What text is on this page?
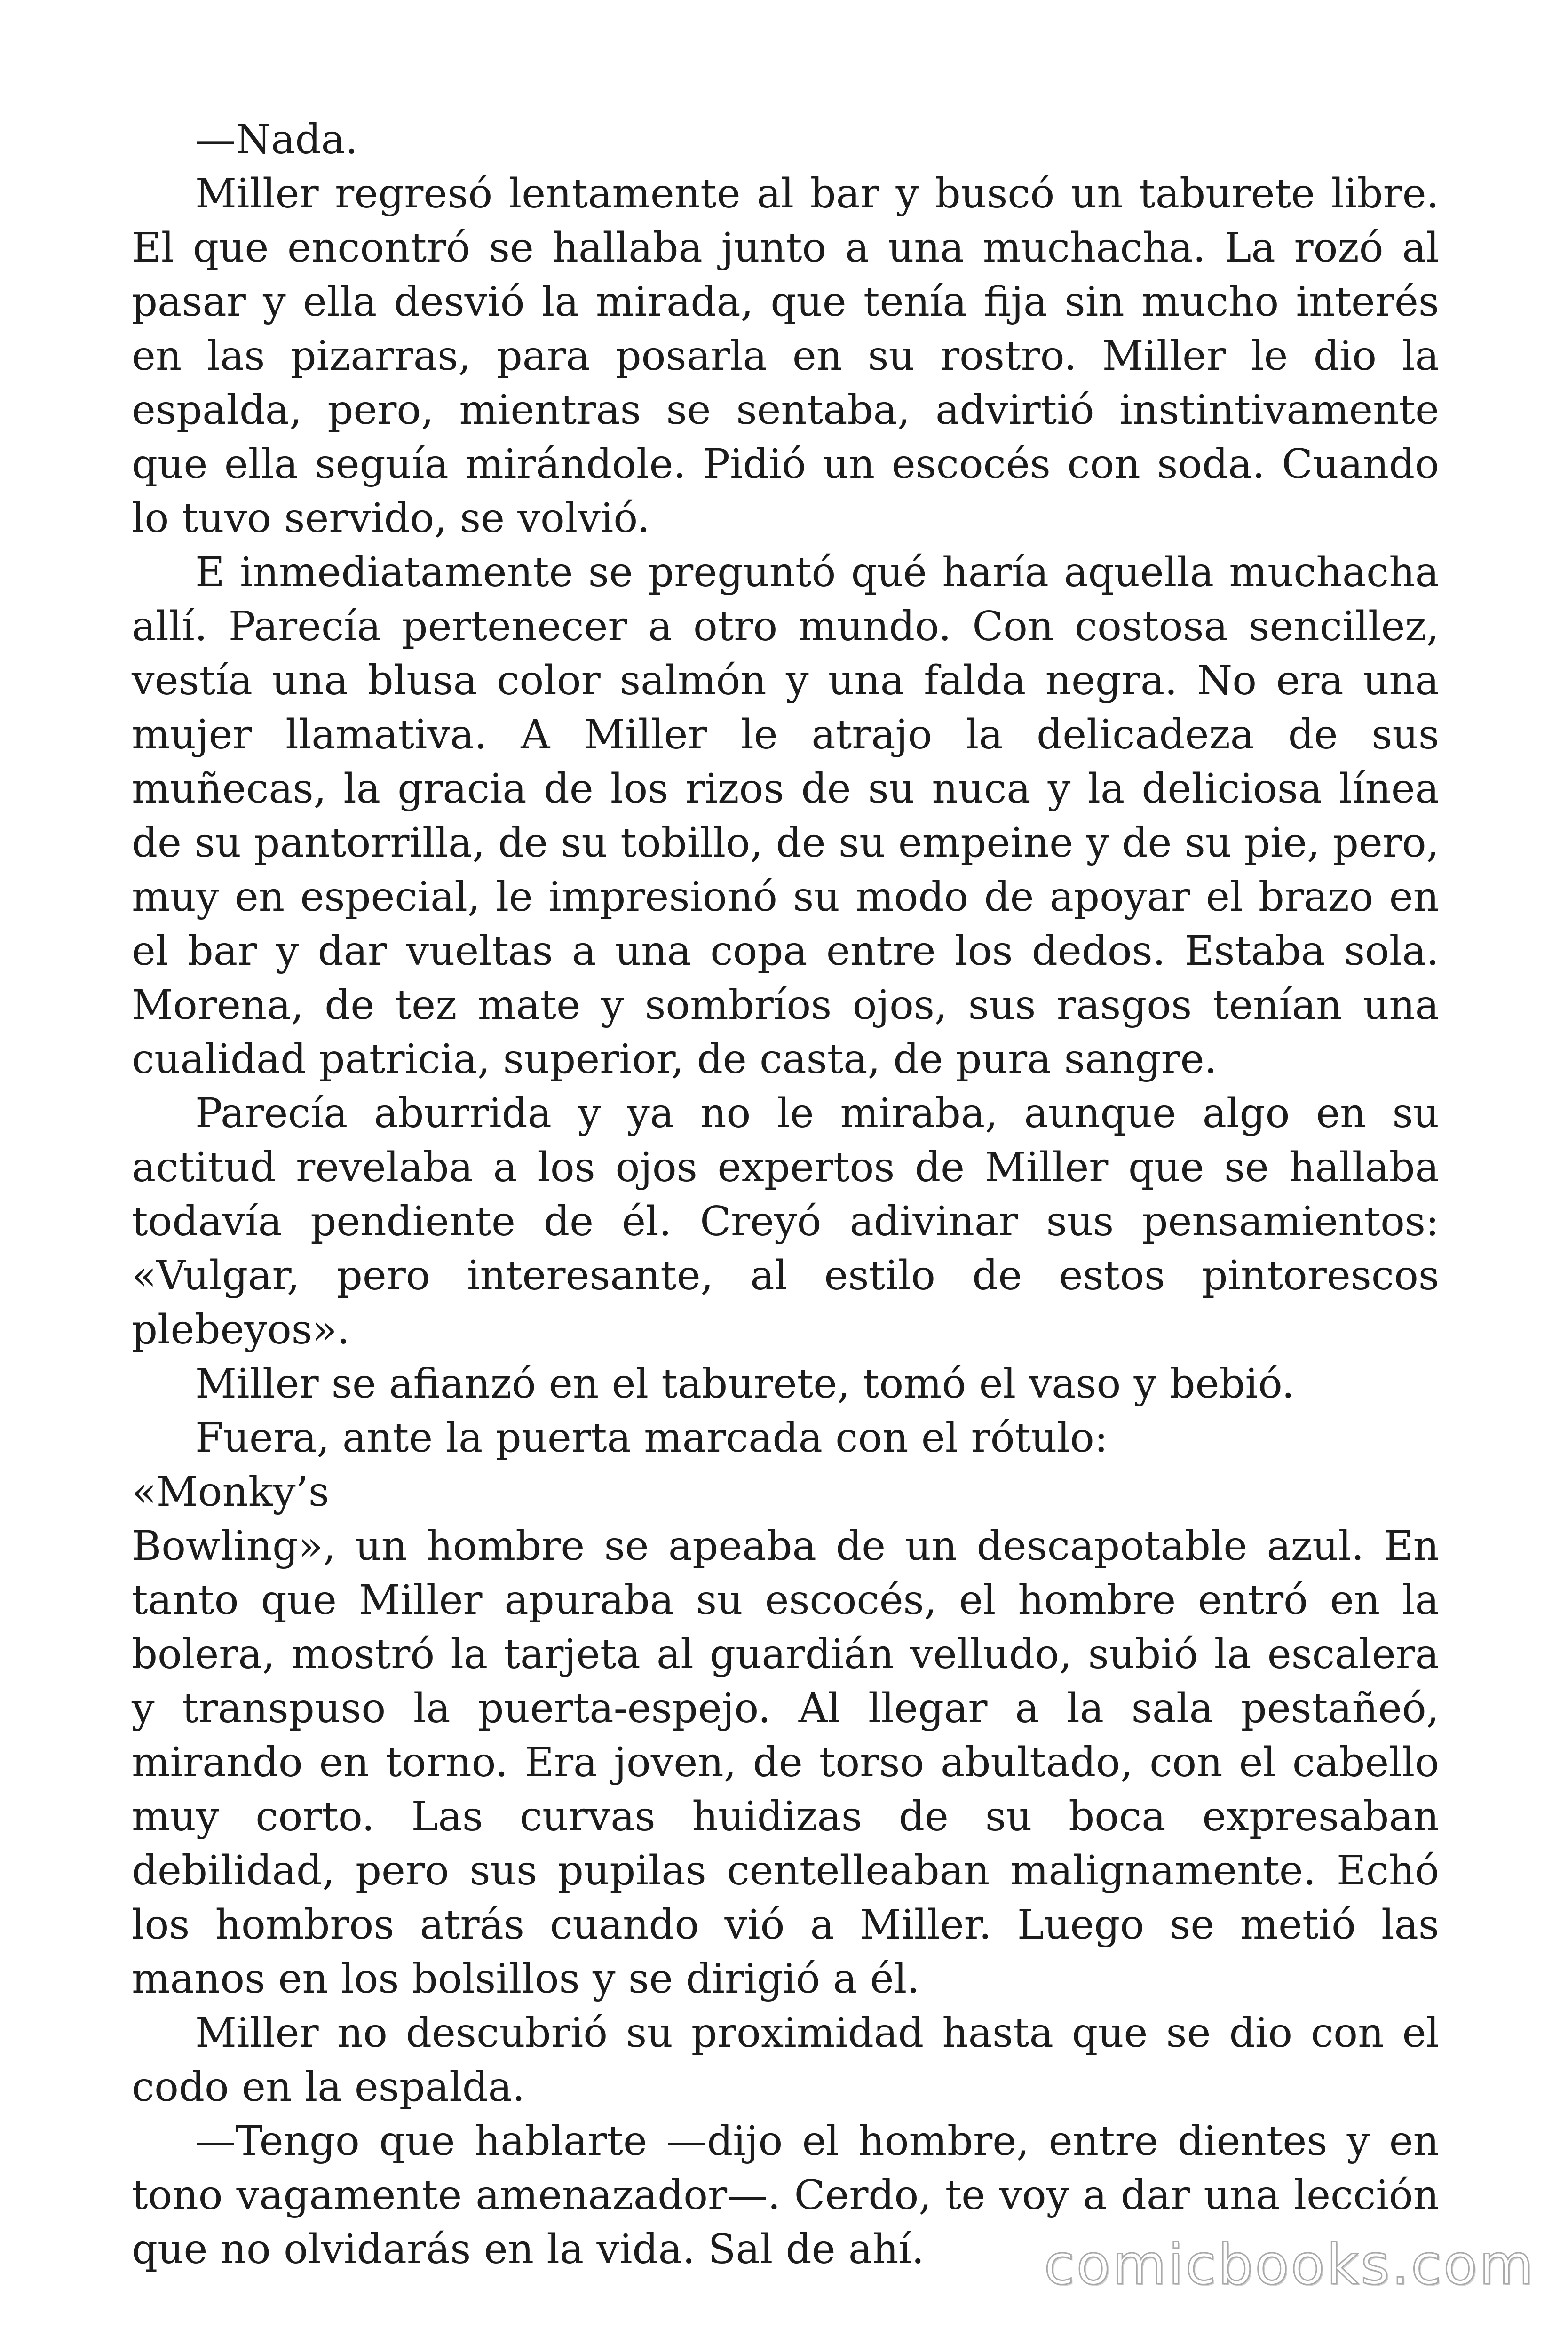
—Nada.

Miller regresó lentamente al bar y buscó un taburete libre. El que encontró se hallaba junto a una muchacha. La rozó al pasar y ella desvió la mirada, que tenía fija sin mucho interés en las pizarras, para posarla en su rostro. Miller le dio la espalda, pero, mientras se sentaba, advirtió instintivamente que ella seguía mirándole. Pidió un escocés con soda. Cuando lo tuvo servido, se volvió.

E inmediatamente se preguntó qué haría aquella muchacha allí. Parecía pertenecer a otro mundo. Con costosa sencillez, vestía una blusa color salmón y una falda negra. No era una mujer llamativa. A Miller le atrajo la delicadeza de sus muñecas, la gracia de los rizos de su nuca y la deliciosa línea de su pantorrilla, de su tobillo, de su empeine y de su pie, pero, muy en especial, le impresionó su modo de apoyar el brazo en el bar y dar vueltas a una copa entre los dedos. Estaba sola. Morena, de tez mate y sombríos ojos, sus rasgos tenían una cualidad patricia, superior, de casta, de pura sangre.

Parecía aburrida y ya no le miraba, aunque algo en su actitud revelaba a los ojos expertos de Miller que se hallaba todavía pendiente de él. Creyó adivinar sus pensamientos: «Vulgar, pero interesante, al estilo de estos pintorescos plebeyos».

Miller se afianzó en el taburete, tomó el vaso y bebió.

Fuera, ante la puerta marcada con el rótulo:

«Monky’s

Bowling», un hombre se apeaba de un descapotable azul. En tanto que Miller apuraba su escocés, el hombre entró en la bolera, mostró la tarjeta al guardián velludo, subió la escalera y transpuso la puerta-espejo. Al llegar a la sala pestañeó, mirando en torno. Era joven, de torso abultado, con el cabello muy corto. Las curvas huidizas de su boca expresaban debilidad, pero sus pupilas centelleaban malignamente. Echó los hombros atrás cuando vió a Miller. Luego se metió las manos en los bolsillos y se dirigió a él.

Miller no descubrió su proximidad hasta que se dio con el codo en la espalda.

—Tengo que hablarte —dijo el hombre, entre dientes y en tono vagamente amenazador—. Cerdo, te voy a dar una lección que no olvidarás en la vida. Sal de ahí.	comicbooks.com
